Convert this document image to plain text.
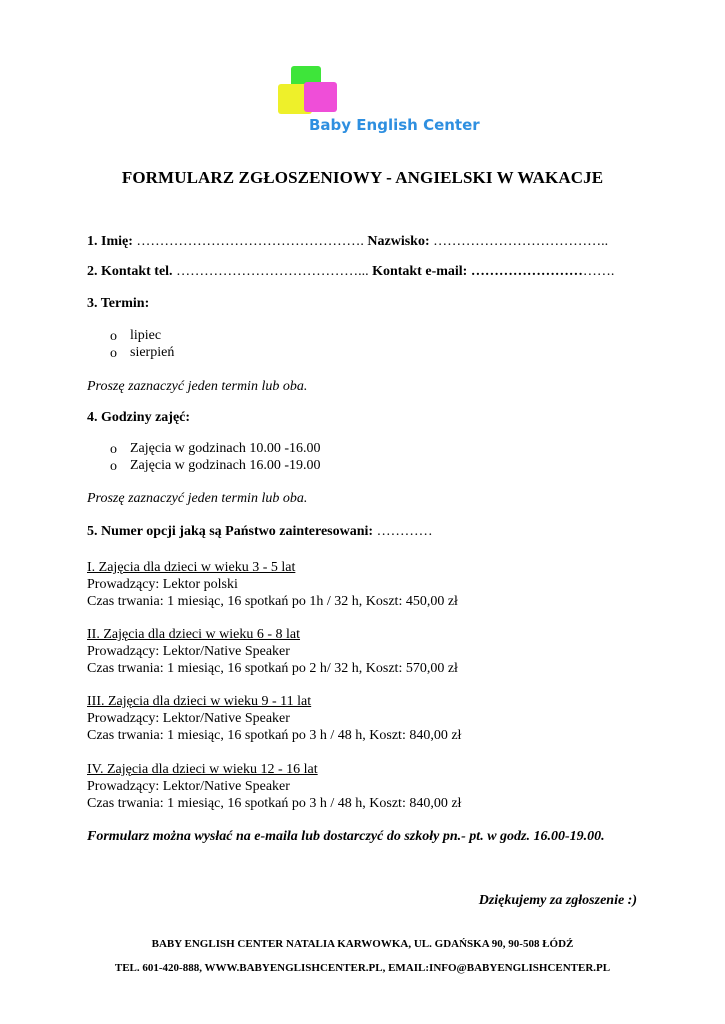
Baby English Center
FORMULARZ ZGŁOSZENIOWY - ANGIELSKI W WAKACJE
1. Imię: …………………………………………. Nazwisko: ………………………………..
2. Kontakt tel. …………………………………... Kontakt e-mail: ………………………….
3. Termin:
o lipiec
o sierpień
Proszę zaznaczyć jeden termin lub oba.
4. Godziny zajęć:
o Zajęcia w godzinach 10.00 -16.00
o Zajęcia w godzinach 16.00 -19.00
Proszę zaznaczyć jeden termin lub oba.
5. Numer opcji jaką są Państwo zainteresowani: …………
I. Zajęcia dla dzieci w wieku 3 - 5 lat
Prowadzący: Lektor polski
Czas trwania: 1 miesiąc, 16 spotkań po 1h / 32 h, Koszt: 450,00 zł
II. Zajęcia dla dzieci w wieku 6 - 8 lat
Prowadzący: Lektor/Native Speaker
Czas trwania: 1 miesiąc, 16 spotkań po 2 h/ 32 h, Koszt: 570,00 zł
III. Zajęcia dla dzieci w wieku 9 - 11 lat
Prowadzący: Lektor/Native Speaker
Czas trwania: 1 miesiąc, 16 spotkań po 3 h / 48 h, Koszt: 840,00 zł
IV. Zajęcia dla dzieci w wieku 12 - 16 lat
Prowadzący: Lektor/Native Speaker
Czas trwania: 1 miesiąc, 16 spotkań po 3 h / 48 h, Koszt: 840,00 zł
Formularz można wysłać na e-maila lub dostarczyć do szkoły pn.- pt. w godz. 16.00-19.00.
Dziękujemy za zgłoszenie :)
BABY ENGLISH CENTER NATALIA KARWOWKA, UL. GDAŃSKA 90, 90-508 ŁÓDŹ
TEL. 601-420-888, WWW.BABYENGLISHCENTER.PL, EMAIL:INFO@BABYENGLISHCENTER.PL
